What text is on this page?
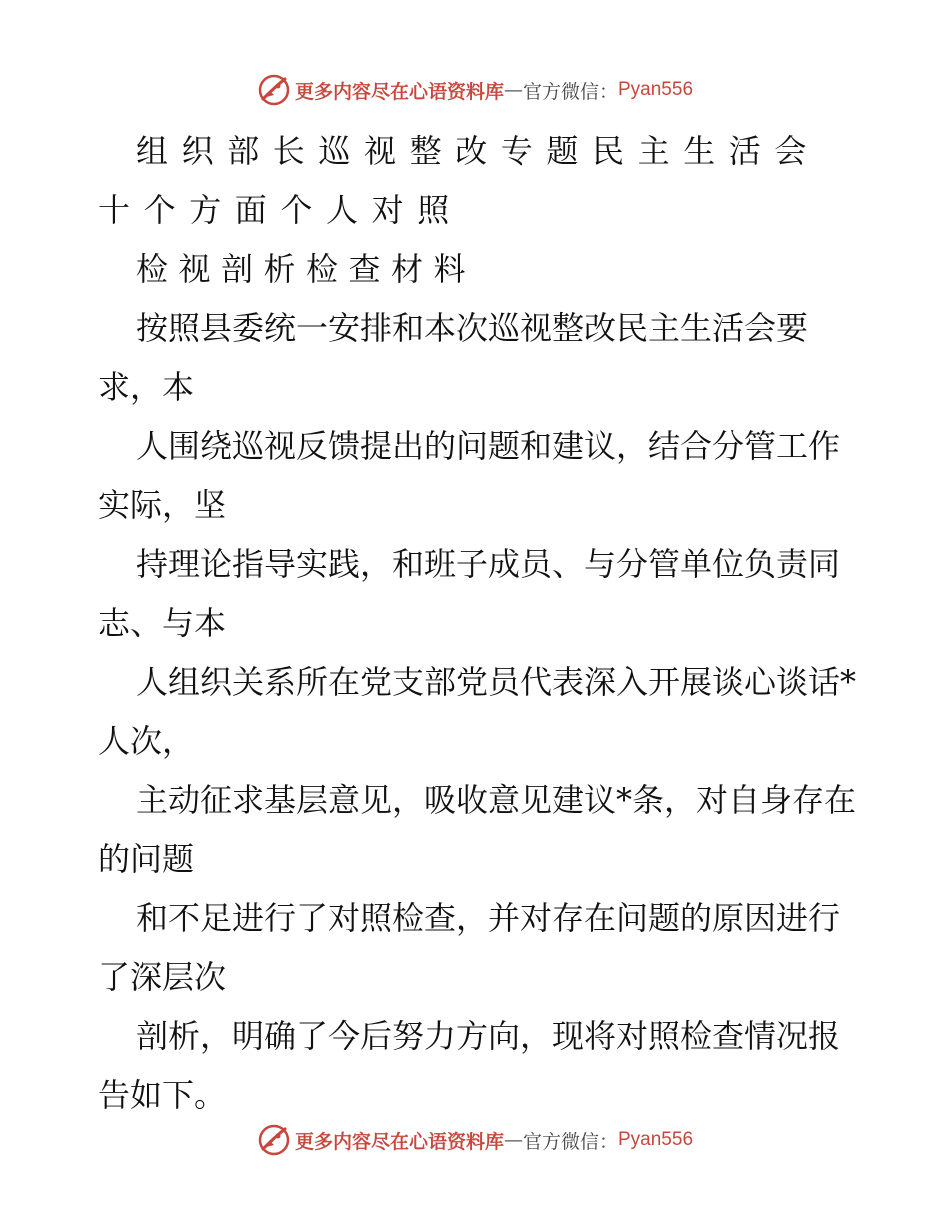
更多内容尽在心语资料库 — 官方微信： Pyan556

组织部长巡视整改专题民主生活会十个方面个人对照

检视剖析检查材料

按照县委统一安排和本次巡视整改民主生活会要求，本

人围绕巡视反馈提出的问题和建议，结合分管工作实际，坚

持理论指导实践，和班子成员、与分管单位负责同志、与本

人组织关系所在党支部党员代表深入开展谈心谈话*人次，

主动征求基层意见，吸收意见建议*条，对自身存在的问题

和不足进行了对照检查，并对存在问题的原因进行了深层次

剖析，明确了今后努力方向，现将对照检查情况报告如下。

更多内容尽在心语资料库 — 官方微信： Pyan556
